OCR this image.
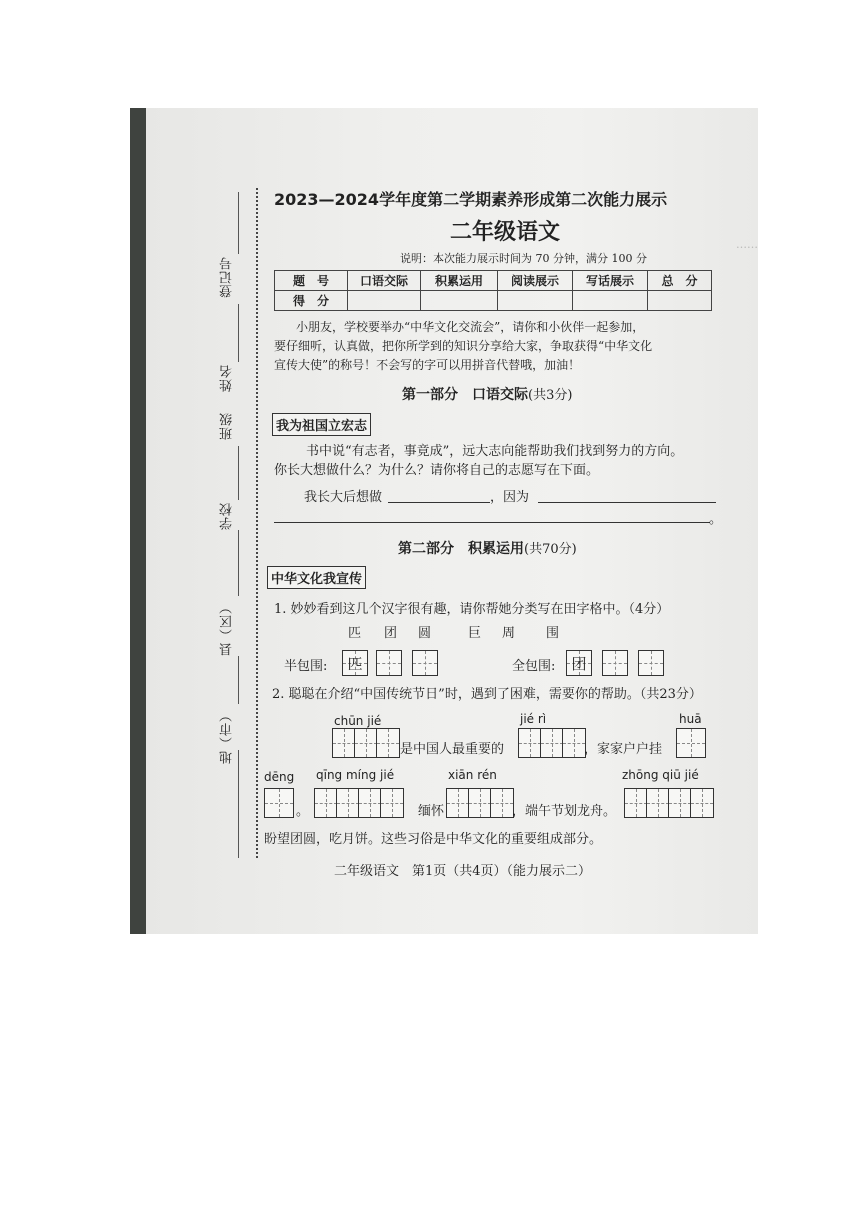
……
登记号
姓名
班级
学校
县（区）
地（市）
2023—2024学年度第二学期素养形成第二次能力展示
二年级语文
说明：本次能力展示时间为 70 分钟，满分 100 分
题　号	口语交际	积累运用	阅读展示	写话展示	总　分
得　分					
小朋友，学校要举办“中华文化交流会”，请你和小伙伴一起参加，
要仔细听，认真做，把你所学到的知识分享给大家，争取获得“中华文化
宣传大使”的称号！不会写的字可以用拼音代替哦，加油！
第一部分　口语交际(共3分)
我为祖国立宏志
书中说“有志者，事竟成”，远大志向能帮助我们找到努力的方向。
你长大想做什么？为什么？请你将自己的志愿写在下面。
我长大后想做	，因为
。
第二部分　积累运用(共70分)
中华文化我宣传
1. 妙妙看到这几个汉字很有趣，请你帮她分类写在田字格中。（4分）
匹 团 圆	巨 周 围
半包围: 匹	全包围: 团
2. 聪聪在介绍“中国传统节日”时，遇到了困难，需要你的帮助。（共23分）
chūn jié	jié rì	huā
是中国人最重要的	，家家户户挂
dēng qīng míng jié	xiān rén	zhōng qiū jié
。	缅怀	，端午节划龙舟。
盼望团圆，吃月饼。这些习俗是中华文化的重要组成部分。
二年级语文　第1页（共4页）（能力展示二）
